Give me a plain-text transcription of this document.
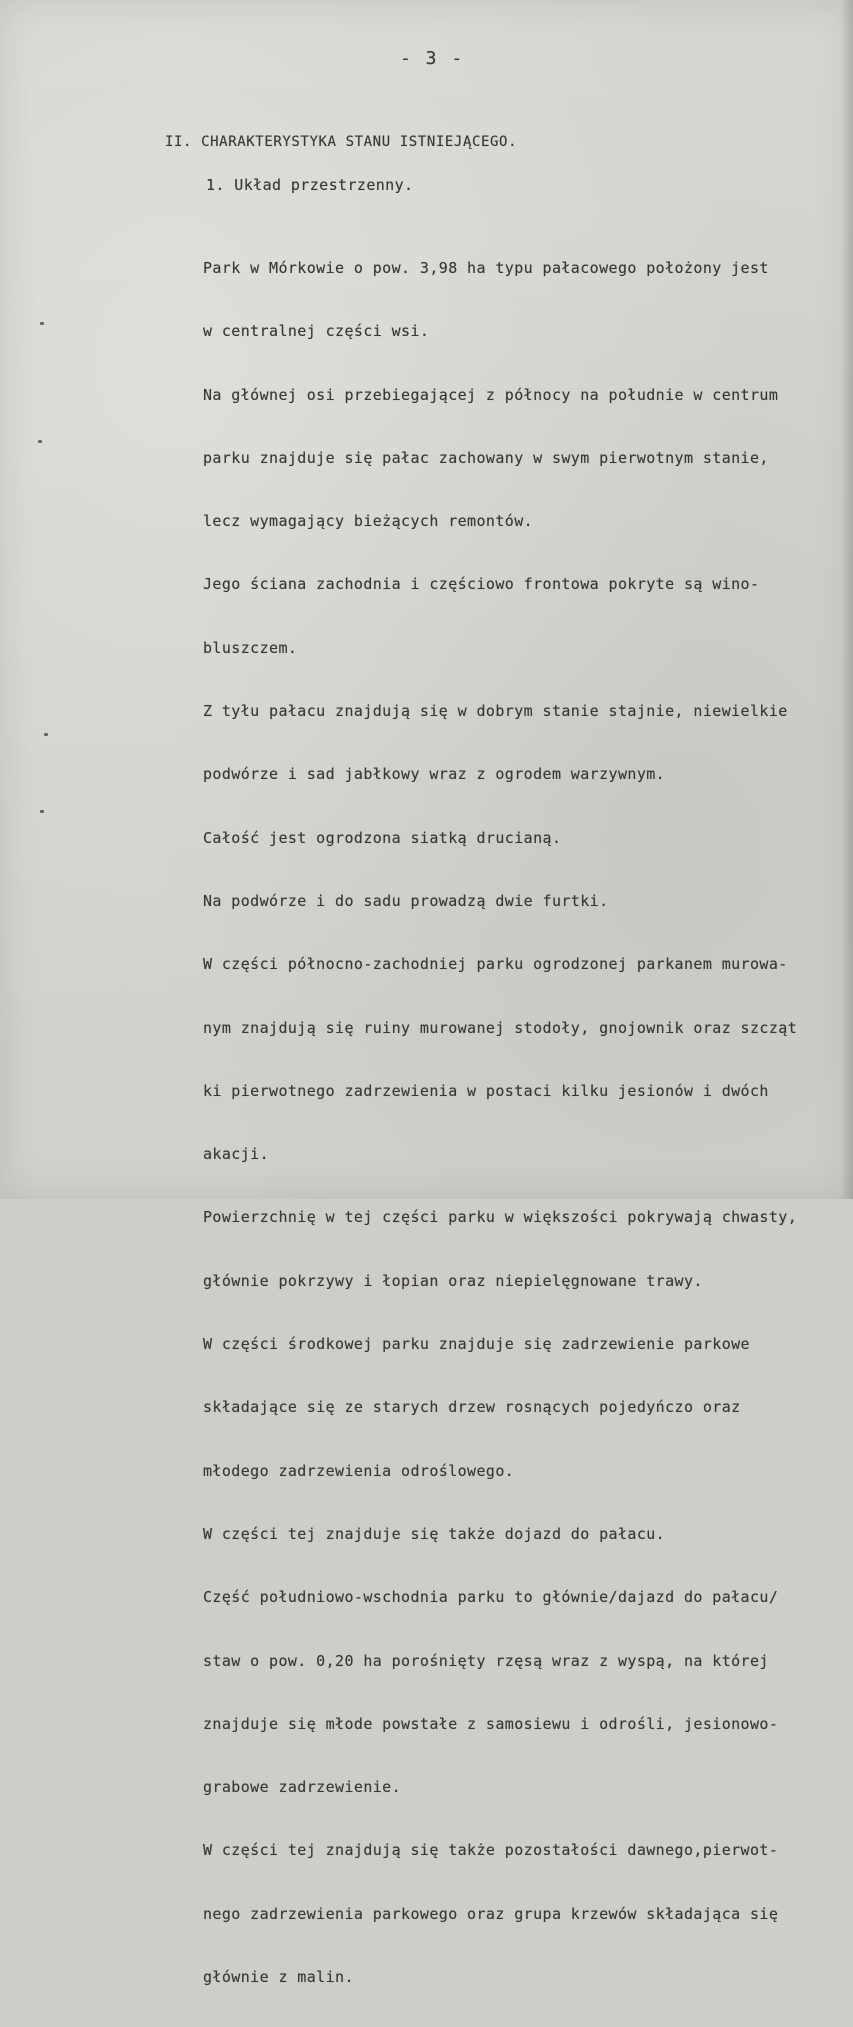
- 3 -
II. CHARAKTERYSTYKA STANU ISTNIEJĄCEGO.
1. Układ przestrzenny.

Park w Mórkowie o pow. 3,98 ha typu pałacowego położony jest

w centralnej części wsi.

Na głównej osi przebiegającej z północy na południe w centrum

parku znajduje się pałac zachowany w swym pierwotnym stanie,

lecz wymagający bieżących remontów.

Jego ściana zachodnia i częściowo frontowa pokryte są wino-

bluszczem.

Z tyłu pałacu znajdują się w dobrym stanie stajnie, niewielkie

podwórze i sad jabłkowy wraz z ogrodem warzywnym.

Całość jest ogrodzona siatką drucianą.

Na podwórze i do sadu prowadzą dwie furtki.

W części północno-zachodniej parku ogrodzonej parkanem murowa-

nym znajdują się ruiny murowanej stodoły, gnojownik oraz szcząt

ki pierwotnego zadrzewienia w postaci kilku jesionów i dwóch

akacji.

Powierzchnię w tej części parku w większości pokrywają chwasty,

głównie pokrzywy i łopian oraz niepielęgnowane trawy.

W części środkowej parku znajduje się zadrzewienie parkowe

składające się ze starych drzew rosnących pojedyńczo oraz

młodego zadrzewienia odroślowego.

W części tej znajduje się także dojazd do pałacu.

Część południowo-wschodnia parku to głównie/dajazd do pałacu/

staw o pow. 0,20 ha porośnięty rzęsą wraz z wyspą, na której

znajduje się młode powstałe z samosiewu i odrośli, jesionowo-

grabowe zadrzewienie.

W części tej znajdują się także pozostałości dawnego,pierwot-

nego zadrzewienia parkowego oraz grupa krzewów składająca się

głównie z malin.
